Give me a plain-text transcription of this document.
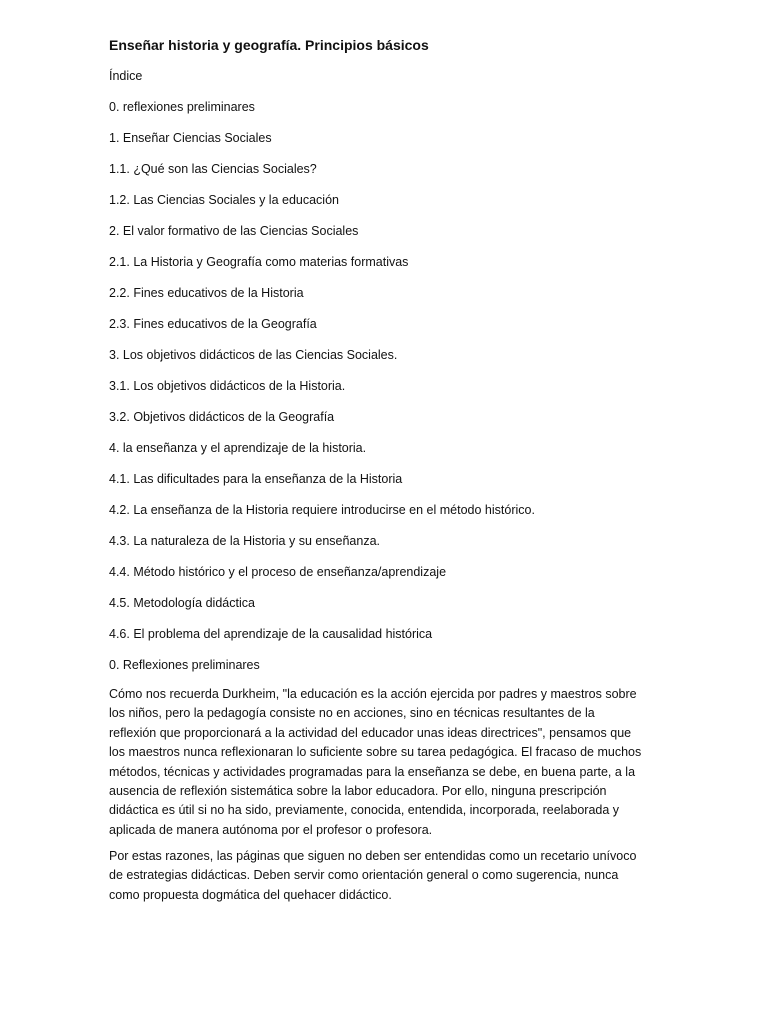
Enseñar historia y geografía. Principios básicos
Índice
0. reflexiones preliminares
1. Enseñar Ciencias Sociales
1.1. ¿Qué son las Ciencias Sociales?
1.2. Las Ciencias Sociales y la educación
2. El valor formativo de las Ciencias Sociales
2.1. La Historia y Geografía como materias formativas
2.2. Fines educativos de la Historia
2.3. Fines educativos de la Geografía
3. Los objetivos didácticos de las Ciencias Sociales.
3.1. Los objetivos didácticos de la Historia.
3.2. Objetivos didácticos de la Geografía
4. la enseñanza y el aprendizaje de la historia.
4.1. Las dificultades para la enseñanza de la Historia
4.2. La enseñanza de la Historia requiere introducirse en el método histórico.
4.3. La naturaleza de la Historia y su enseñanza.
4.4. Método histórico y el proceso de enseñanza/aprendizaje
4.5. Metodología didáctica
4.6. El problema del aprendizaje de la causalidad histórica
0. Reflexiones preliminares
Cómo nos recuerda Durkheim, "la educación es la acción ejercida por padres y maestros sobre
los niños, pero la pedagogía consiste no en acciones, sino en técnicas resultantes de la
reflexión que proporcionará a la actividad del educador unas ideas directrices", pensamos que
los maestros nunca reflexionaran lo suficiente sobre su tarea pedagógica. El fracaso de muchos
métodos, técnicas y actividades programadas para la enseñanza se debe, en buena parte, a la
ausencia de reflexión sistemática sobre la labor educadora. Por ello, ninguna prescripción
didáctica es útil si no ha sido, previamente, conocida, entendida, incorporada, reelaborada y
aplicada de manera autónoma por el profesor o profesora.
Por estas razones, las páginas que siguen no deben ser entendidas como un recetario unívoco
de estrategias didácticas. Deben servir como orientación general o como sugerencia, nunca
como propuesta dogmática del quehacer didáctico.
